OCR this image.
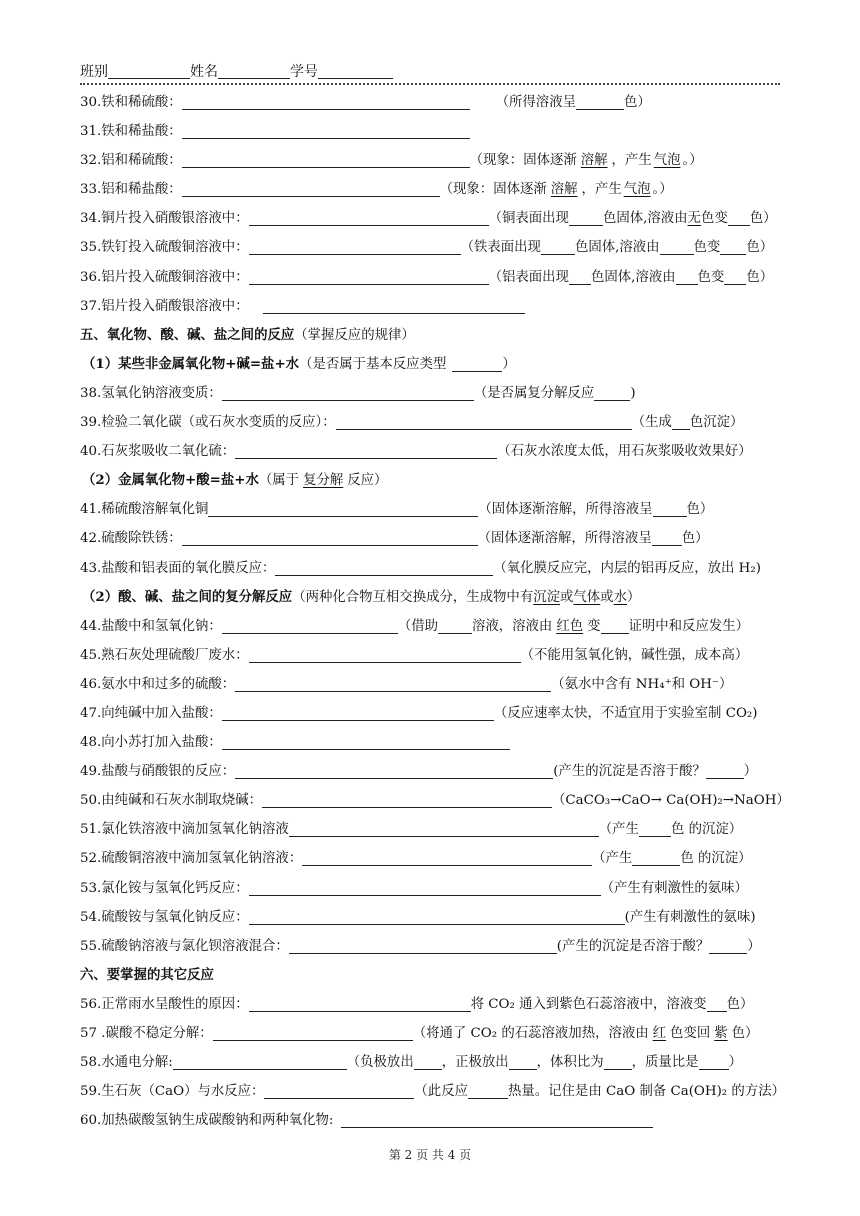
班别	姓名	学号
30.铁和稀硫酸：	（所得溶液呈	色）
31.铁和稀盐酸：
32.铝和稀硫酸：	（现象：固体逐渐 溶解 ，产生 气泡 。）
33.铝和稀盐酸：	（现象：固体逐渐 溶解 ，产生 气泡 。）
34.铜片投入硝酸银溶液中：	（铜表面出现	色固体,溶液由无色变 色）
35.铁钉投入硫酸铜溶液中：	（铁表面出现	色固体,溶液由	色变 色）
36.铝片投入硫酸铜溶液中：	（铝表面出现 色固体,溶液由 色变 色）
37.铝片投入硝酸银溶液中：
五、氧化物、酸、碱、盐之间的反应（掌握反应的规律）
（1）某些非金属氧化物+碱=盐+水（是否属于基本反应类型	）
38.氢氧化钠溶液变质：	（是否属复分解反应	)
39.检验二氧化碳（或石灰水变质的反应）：	（生成 色沉淀）
40.石灰浆吸收二氧化硫：	（石灰水浓度太低，用石灰浆吸收效果好）
（2）金属氧化物+酸=盐+水（属于 复分解 反应）
41.稀硫酸溶解氧化铜	（固体逐渐溶解，所得溶液呈	色）
42.硫酸除铁锈：	（固体逐渐溶解，所得溶液呈 色）
43.盐酸和铝表面的氧化膜反应：	（氧化膜反应完，内层的铝再反应，放出 H₂)
（2）酸、碱、盐之间的复分解反应（两种化合物互相交换成分，生成物中有沉淀或气体或水）
44.盐酸中和氢氧化钠：	（借助	溶液，溶液由 红色 变 证明中和反应发生）
45.熟石灰处理硫酸厂废水：	（不能用氢氧化钠，碱性强，成本高）
46.氨水中和过多的硫酸：	（氨水中含有 NH₄⁺和 OH⁻）
47.向纯碱中加入盐酸：	（反应速率太快，不适宜用于实验室制 CO₂)
48.向小苏打加入盐酸：
49.盐酸与硝酸银的反应：	(产生的沉淀是否溶于酸？	）
50.由纯碱和石灰水制取烧碱：	（CaCO₃→CaO→ Ca(OH)₂→NaOH）
51.氯化铁溶液中滴加氢氧化钠溶液	（产生 色 的沉淀）
52.硫酸铜溶液中滴加氢氧化钠溶液：	（产生	色 的沉淀）
53.氯化铵与氢氧化钙反应：	（产生有刺激性的氨味）
54.硫酸铵与氢氧化钠反应：	(产生有刺激性的氨味)
55.硫酸钠溶液与氯化钡溶液混合：	(产生的沉淀是否溶于酸？	）
六、要掌握的其它反应
56.正常雨水呈酸性的原因：	将 CO₂ 通入到紫色石蕊溶液中，溶液变 色）
57 .碳酸不稳定分解：	（将通了 CO₂ 的石蕊溶液加热，溶液由 红 色变回 紫 色）
58.水通电分解:	（负极放出 ，正极放出 ，体积比为 ，质量比是 ）
59.生石灰（CaO）与水反应：	（此反应	热量。记住是由 CaO 制备 Ca(OH)₂ 的方法）
60.加热碳酸氢钠生成碳酸钠和两种氧化物:
第 2 页 共 4 页
